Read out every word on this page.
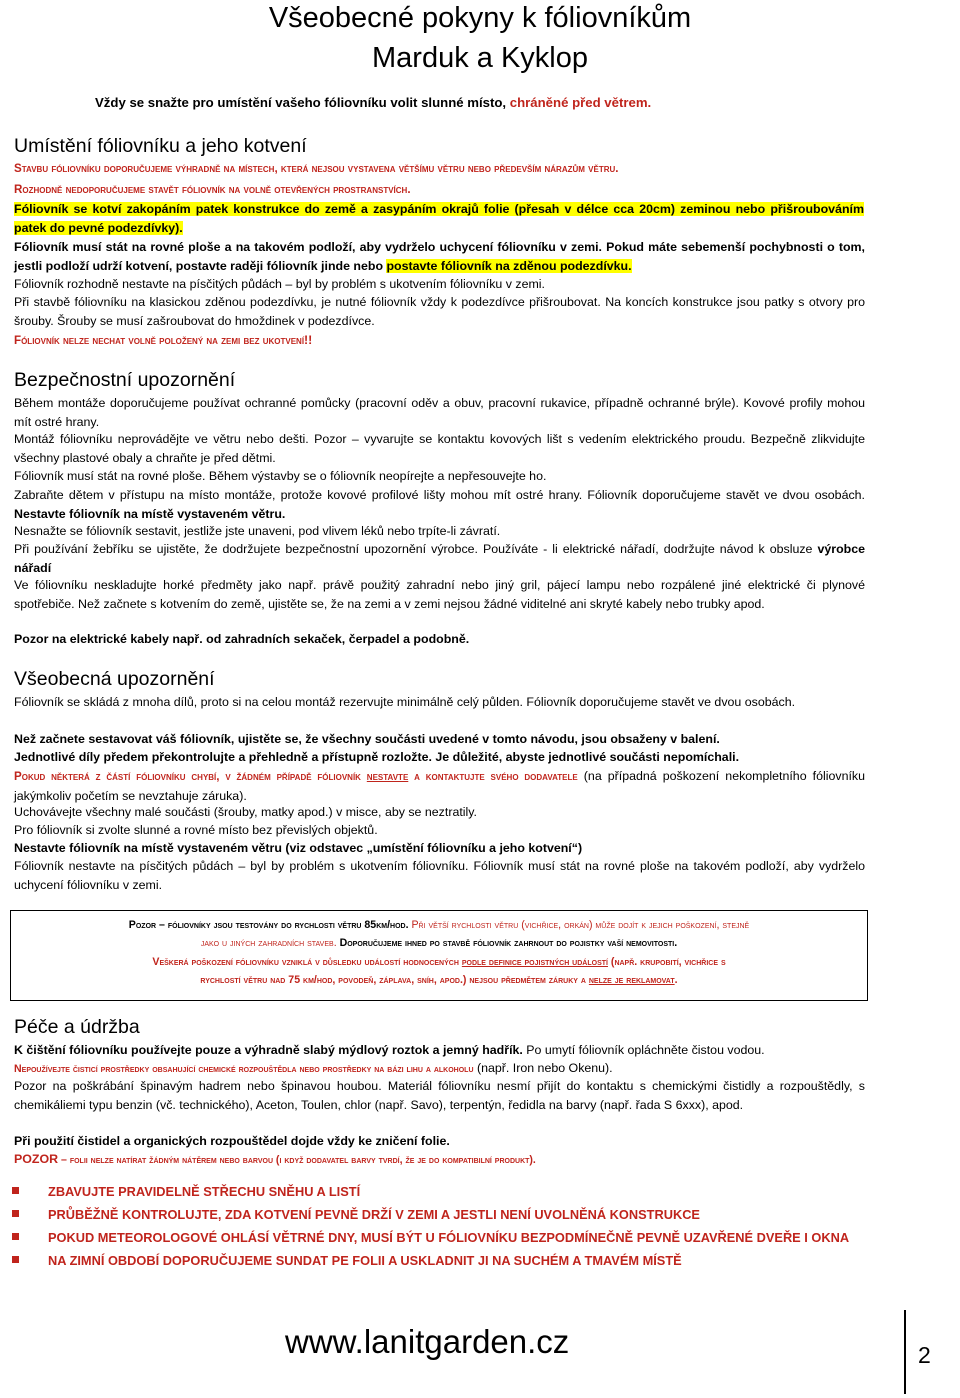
Všeobecné pokyny k fóliovníkům
Marduk a Kyklop
Vždy se snažte pro umístění vašeho fóliovníku volit slunné místo, chráněné před větrem.
Umístění fóliovníku a jeho kotvení
Stavbu fóliovníku doporučujeme výhradně na místech, která nejsou vystavena většímu větru nebo především nárazům větru.
Rozhodně nedoporučujeme stavět fóliovník na volně otevřených prostranstvích.
Fóliovník se kotví zakopáním patek konstrukce do země a zasypáním okrajů folie (přesah v délce cca 20cm) zeminou nebo přišroubováním patek do pevné podezdívky).
Fóliovník musí stát na rovné ploše a na takovém podloží, aby vydrželo uchycení fóliovníku v zemi. Pokud máte sebemenší pochybnosti o tom, jestli podloží udrží kotvení, postavte raději fóliovník jinde nebo postavte fóliovník na zděnou podezdívku.
Fóliovník rozhodně nestavte na písčitých půdách – byl by problém s ukotvením fóliovníku v zemi.
Při stavbě fóliovníku na klasickou zděnou podezdívku, je nutné fóliovník vždy k podezdívce přišroubovat. Na koncích konstrukce jsou patky s otvory pro šrouby. Šrouby se musí zašroubovat do hmoždinek v podezdívce.
Fóliovník nelze nechat volně položený na zemi bez ukotvení!!
Bezpečnostní upozornění
Během montáže doporučujeme používat ochranné pomůcky (pracovní oděv a obuv, pracovní rukavice, případně ochranné brýle). Kovové profily mohou mít ostré hrany.
Montáž fóliovníku neprovádějte ve větru nebo dešti. Pozor – vyvarujte se kontaktu kovových lišt s vedením elektrického proudu. Bezpečně zlikvidujte všechny plastové obaly a chraňte je před dětmi.
Fóliovník musí stát na rovné ploše. Během výstavby se o fóliovník neopírejte a nepřesouvejte ho.
Zabraňte dětem v přístupu na místo montáže, protože kovové profilové lišty mohou mít ostré hrany. Fóliovník doporučujeme stavět ve dvou osobách. Nestavte fóliovník na místě vystaveném větru.
Nesnažte se fóliovník sestavit, jestliže jste unaveni, pod vlivem léků nebo trpíte-li závratí.
Při používání žebříku se ujistěte, že dodržujete bezpečnostní upozornění výrobce. Používáte - li elektrické nářadí, dodržujte návod k obsluze výrobce nářadí
Ve fóliovníku neskladujte horké předměty jako např. právě použitý zahradní nebo jiný gril, pájecí lampu nebo rozpálené jiné elektrické či plynové spotřebiče. Než začnete s kotvením do země, ujistěte se, že na zemi a v zemi nejsou žádné viditelné ani skryté kabely nebo trubky apod.
Pozor na elektrické kabely např. od zahradních sekaček, čerpadel a podobně.
Všeobecná upozornění
Fóliovník se skládá z mnoha dílů, proto si na celou montáž rezervujte minimálně celý půlden. Fóliovník doporučujeme stavět ve dvou osobách.
Než začnete sestavovat váš fóliovník, ujistěte se, že všechny součásti uvedené v tomto návodu, jsou obsaženy v balení.
Jednotlivé díly předem překontrolujte a přehledně a přístupně rozložte. Je důležité, abyste jednotlivé součásti nepomíchali.
Pokud některá z částí fóliovníku chybí, v žádném případě fóliovník nestavte a kontaktujte svého dodavatele (na případná poškození nekompletního fóliovníku jakýmkoliv početím se nevztahuje záruka).
Uchovávejte všechny malé součásti (šrouby, matky apod.) v misce, aby se neztratily.
Pro fóliovník si zvolte slunné a rovné místo bez převislých objektů.
Nestavte fóliovník na místě vystaveném větru (viz odstavec „umístění fóliovníku a jeho kotvení“)
Fóliovník nestavte na písčitých půdách – byl by problém s ukotvením fóliovníku. Fóliovník musí stát na rovné ploše na takovém podloží, aby vydrželo uchycení fóliovníku v zemi.
Pozor – fóliovníky jsou testovány do rychlosti větru 85km/hod. Při větší rychlosti větru (vichřice, orkán) může dojít k jejich poškození, stejně
jako u jiných zahradních staveb. Doporučujeme ihned po stavbě fóliovník zahrnout do pojistky vaší nemovitosti.
Veškerá poškození fóliovníku vzniklá v důsledku událostí hodnocených podle definice pojistných událostí (např. krupobití, vichřice s
rychlostí větru nad 75 km/hod, povodeň, záplava, sníh, apod.) nejsou předmětem záruky a nelze je reklamovat.
Péče a údržba
K čištění fóliovníku používejte pouze a výhradně slabý mýdlový roztok a jemný hadřík. Po umytí fóliovník opláchněte čistou vodou.
Nepoužívejte čisticí prostředky obsahující chemické rozpouštědla nebo prostředky na bázi lihu a alkoholu (např. Iron nebo Okenu).
Pozor na poškrábání špinavým hadrem nebo špinavou houbou. Materiál fóliovníku nesmí přijít do kontaktu s chemickými čistidly a rozpouštědly, s chemikáliemi typu benzin (vč. technického), Aceton, Toulen, chlor (např. Savo), terpentýn, ředidla na barvy (např. řada S 6xxx), apod.
Při použití čistidel a organických rozpouštědel dojde vždy ke zničení folie.
POZOR – folii nelze natírat žádným nátěrem nebo barvou (i když dodavatel barvy tvrdí, že je do kompatibilní produkt).
ZBAVUJTE PRAVIDELNĚ STŘECHU SNĚHU A LISTÍ
PRŮBĚŽNĚ KONTROLUJTE, ZDA KOTVENÍ PEVNĚ DRŽÍ V ZEMI A JESTLI NENÍ UVOLNĚNÁ KONSTRUKCE
POKUD METEOROLOGOVÉ OHLÁSÍ VĚTRNÉ DNY, MUSÍ BÝT U FÓLIOVNÍKU BEZPODMÍNEČNĚ PEVNĚ UZAVŘENÉ DVEŘE I OKNA
NA ZIMNÍ OBDOBÍ DOPORUČUJEME SUNDAT PE FOLII A USKLADNIT JI NA SUCHÉM A TMAVÉM MÍSTĚ
www.lanitgarden.cz	2
